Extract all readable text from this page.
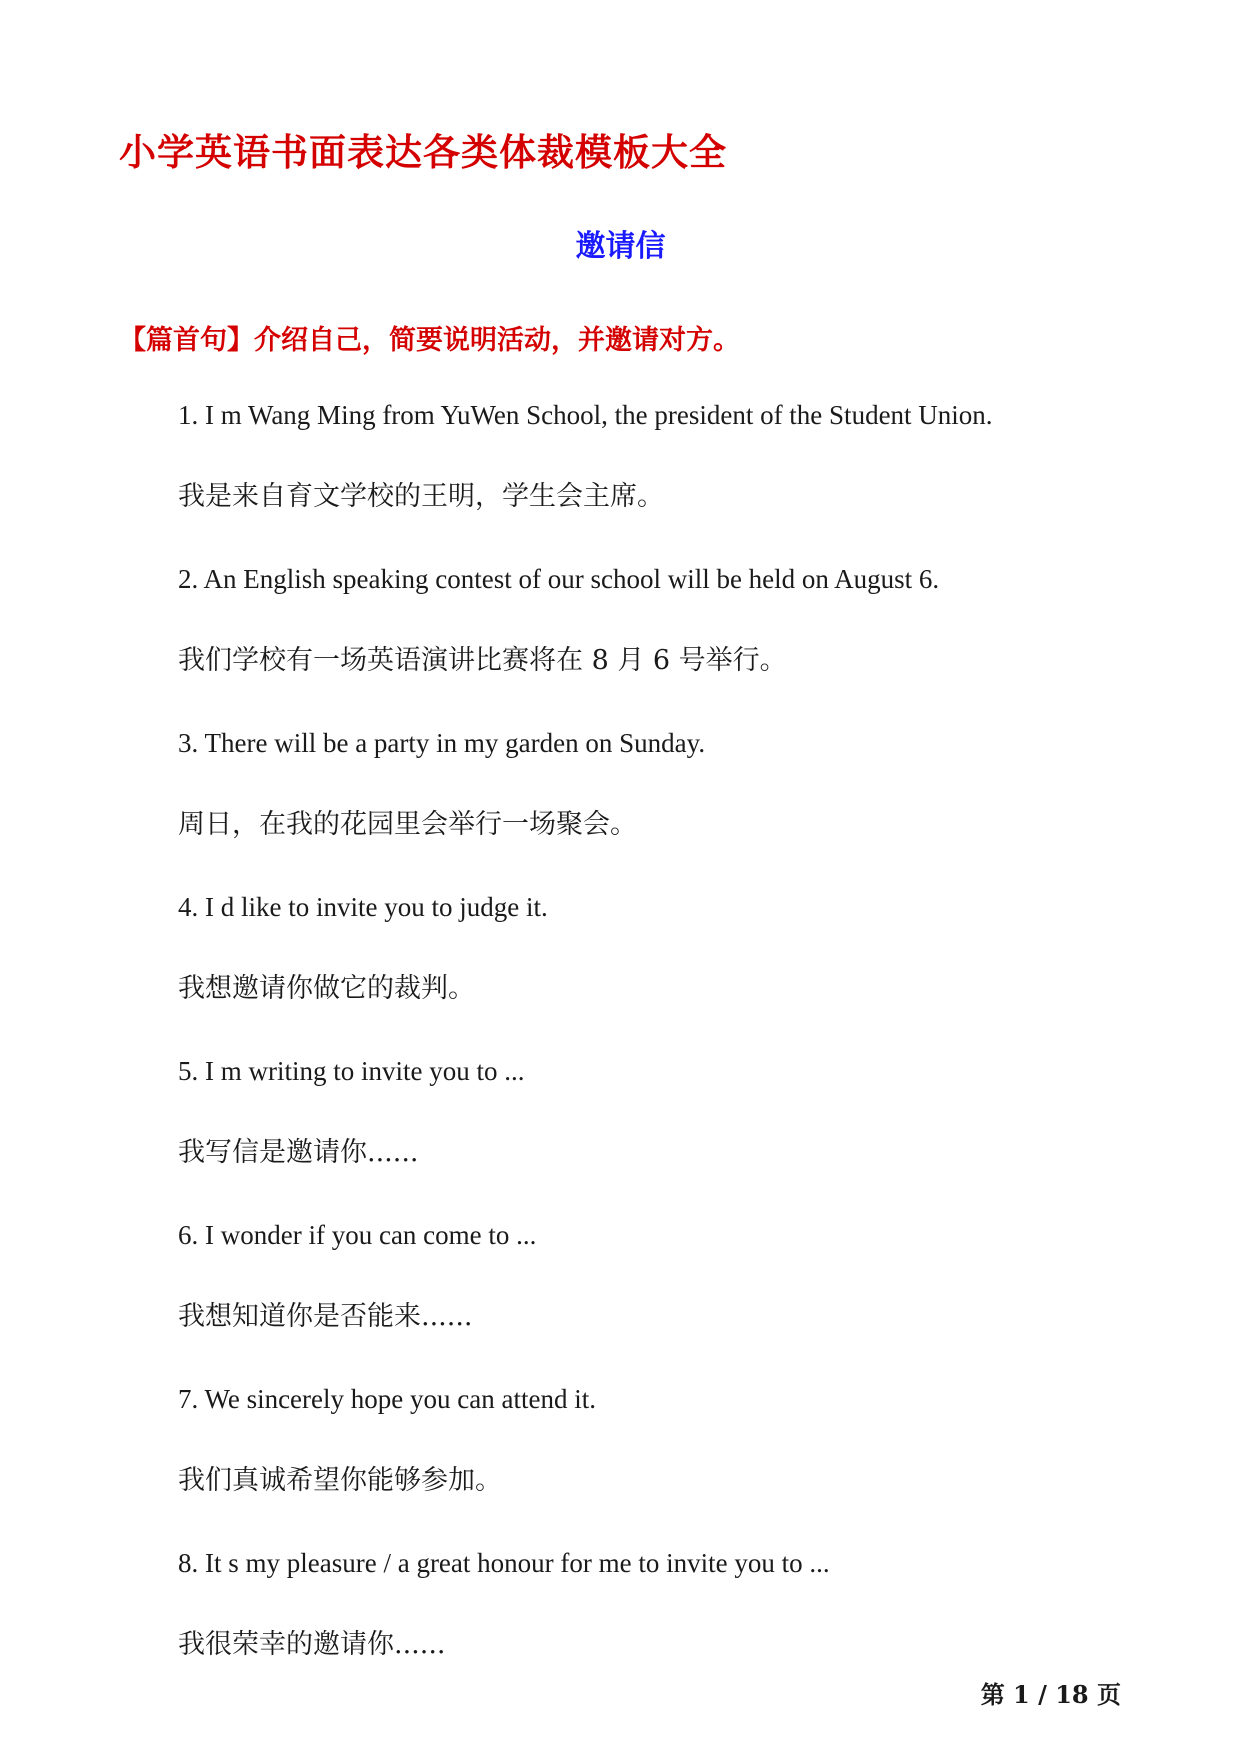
小学英语书面表达各类体裁模板大全
邀请信

【篇首句】介绍自己，简要说明活动，并邀请对方。

1. I m Wang Ming from YuWen School, the president of the Student Union.
我是来自育文学校的王明，学生会主席。
2. An English speaking contest of our school will be held on August 6.
我们学校有一场英语演讲比赛将在 8 月 6 号举行。
3. There will be a party in my garden on Sunday.
周日，在我的花园里会举行一场聚会。
4. I d like to invite you to judge it.
我想邀请你做它的裁判。
5. I m writing to invite you to ...
我写信是邀请你......
6. I wonder if you can come to ...
我想知道你是否能来......
7. We sincerely hope you can attend it.
我们真诚希望你能够参加。
8. It s my pleasure / a great honour for me to invite you to ...
我很荣幸的邀请你......

第 1 / 18 页
